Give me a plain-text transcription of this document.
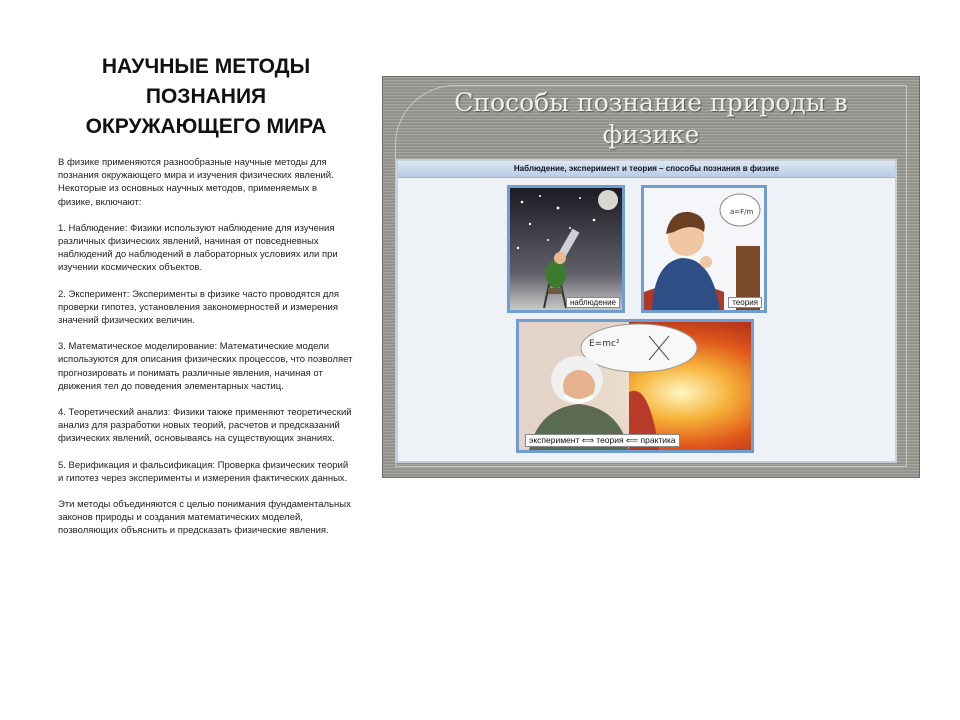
НАУЧНЫЕ МЕТОДЫ
ПОЗНАНИЯ
ОКРУЖАЮЩЕГО МИРА

В физике применяются разнообразные научные методы для познания окружающего мира и изучения физических явлений. Некоторые из основных научных методов, применяемых в физике, включают:

1. Наблюдение: Физики используют наблюдение для изучения различных физических явлений, начиная от повседневных наблюдений до наблюдений в лабораторных условиях или при изучении космических объектов.

2. Эксперимент: Эксперименты в физике часто проводятся для проверки гипотез, установления закономерностей и измерения значений физических величин.

3. Математическое моделирование: Математические модели используются для описания физических процессов, что позволяет прогнозировать и понимать различные явления, начиная от движения тел до поведения элементарных частиц.

4. Теоретический анализ: Физики также применяют теоретический анализ для разработки новых теорий, расчетов и предсказаний физических явлений, основываясь на существующих знаниях.

5. Верификация и фальсификация: Проверка физических теорий и гипотез через эксперименты и измерения фактических данных.

Эти методы объединяются с целью понимания фундаментальных законов природы и создания математических моделей, позволяющих объяснить и предсказать физические явления.

Способы познание природы в
физике
Наблюдение, эксперимент и теория – способы познания в физике
наблюдение
a=F/m
теория
E=mc²
эксперимент ⟺ теория ⟸ практика
